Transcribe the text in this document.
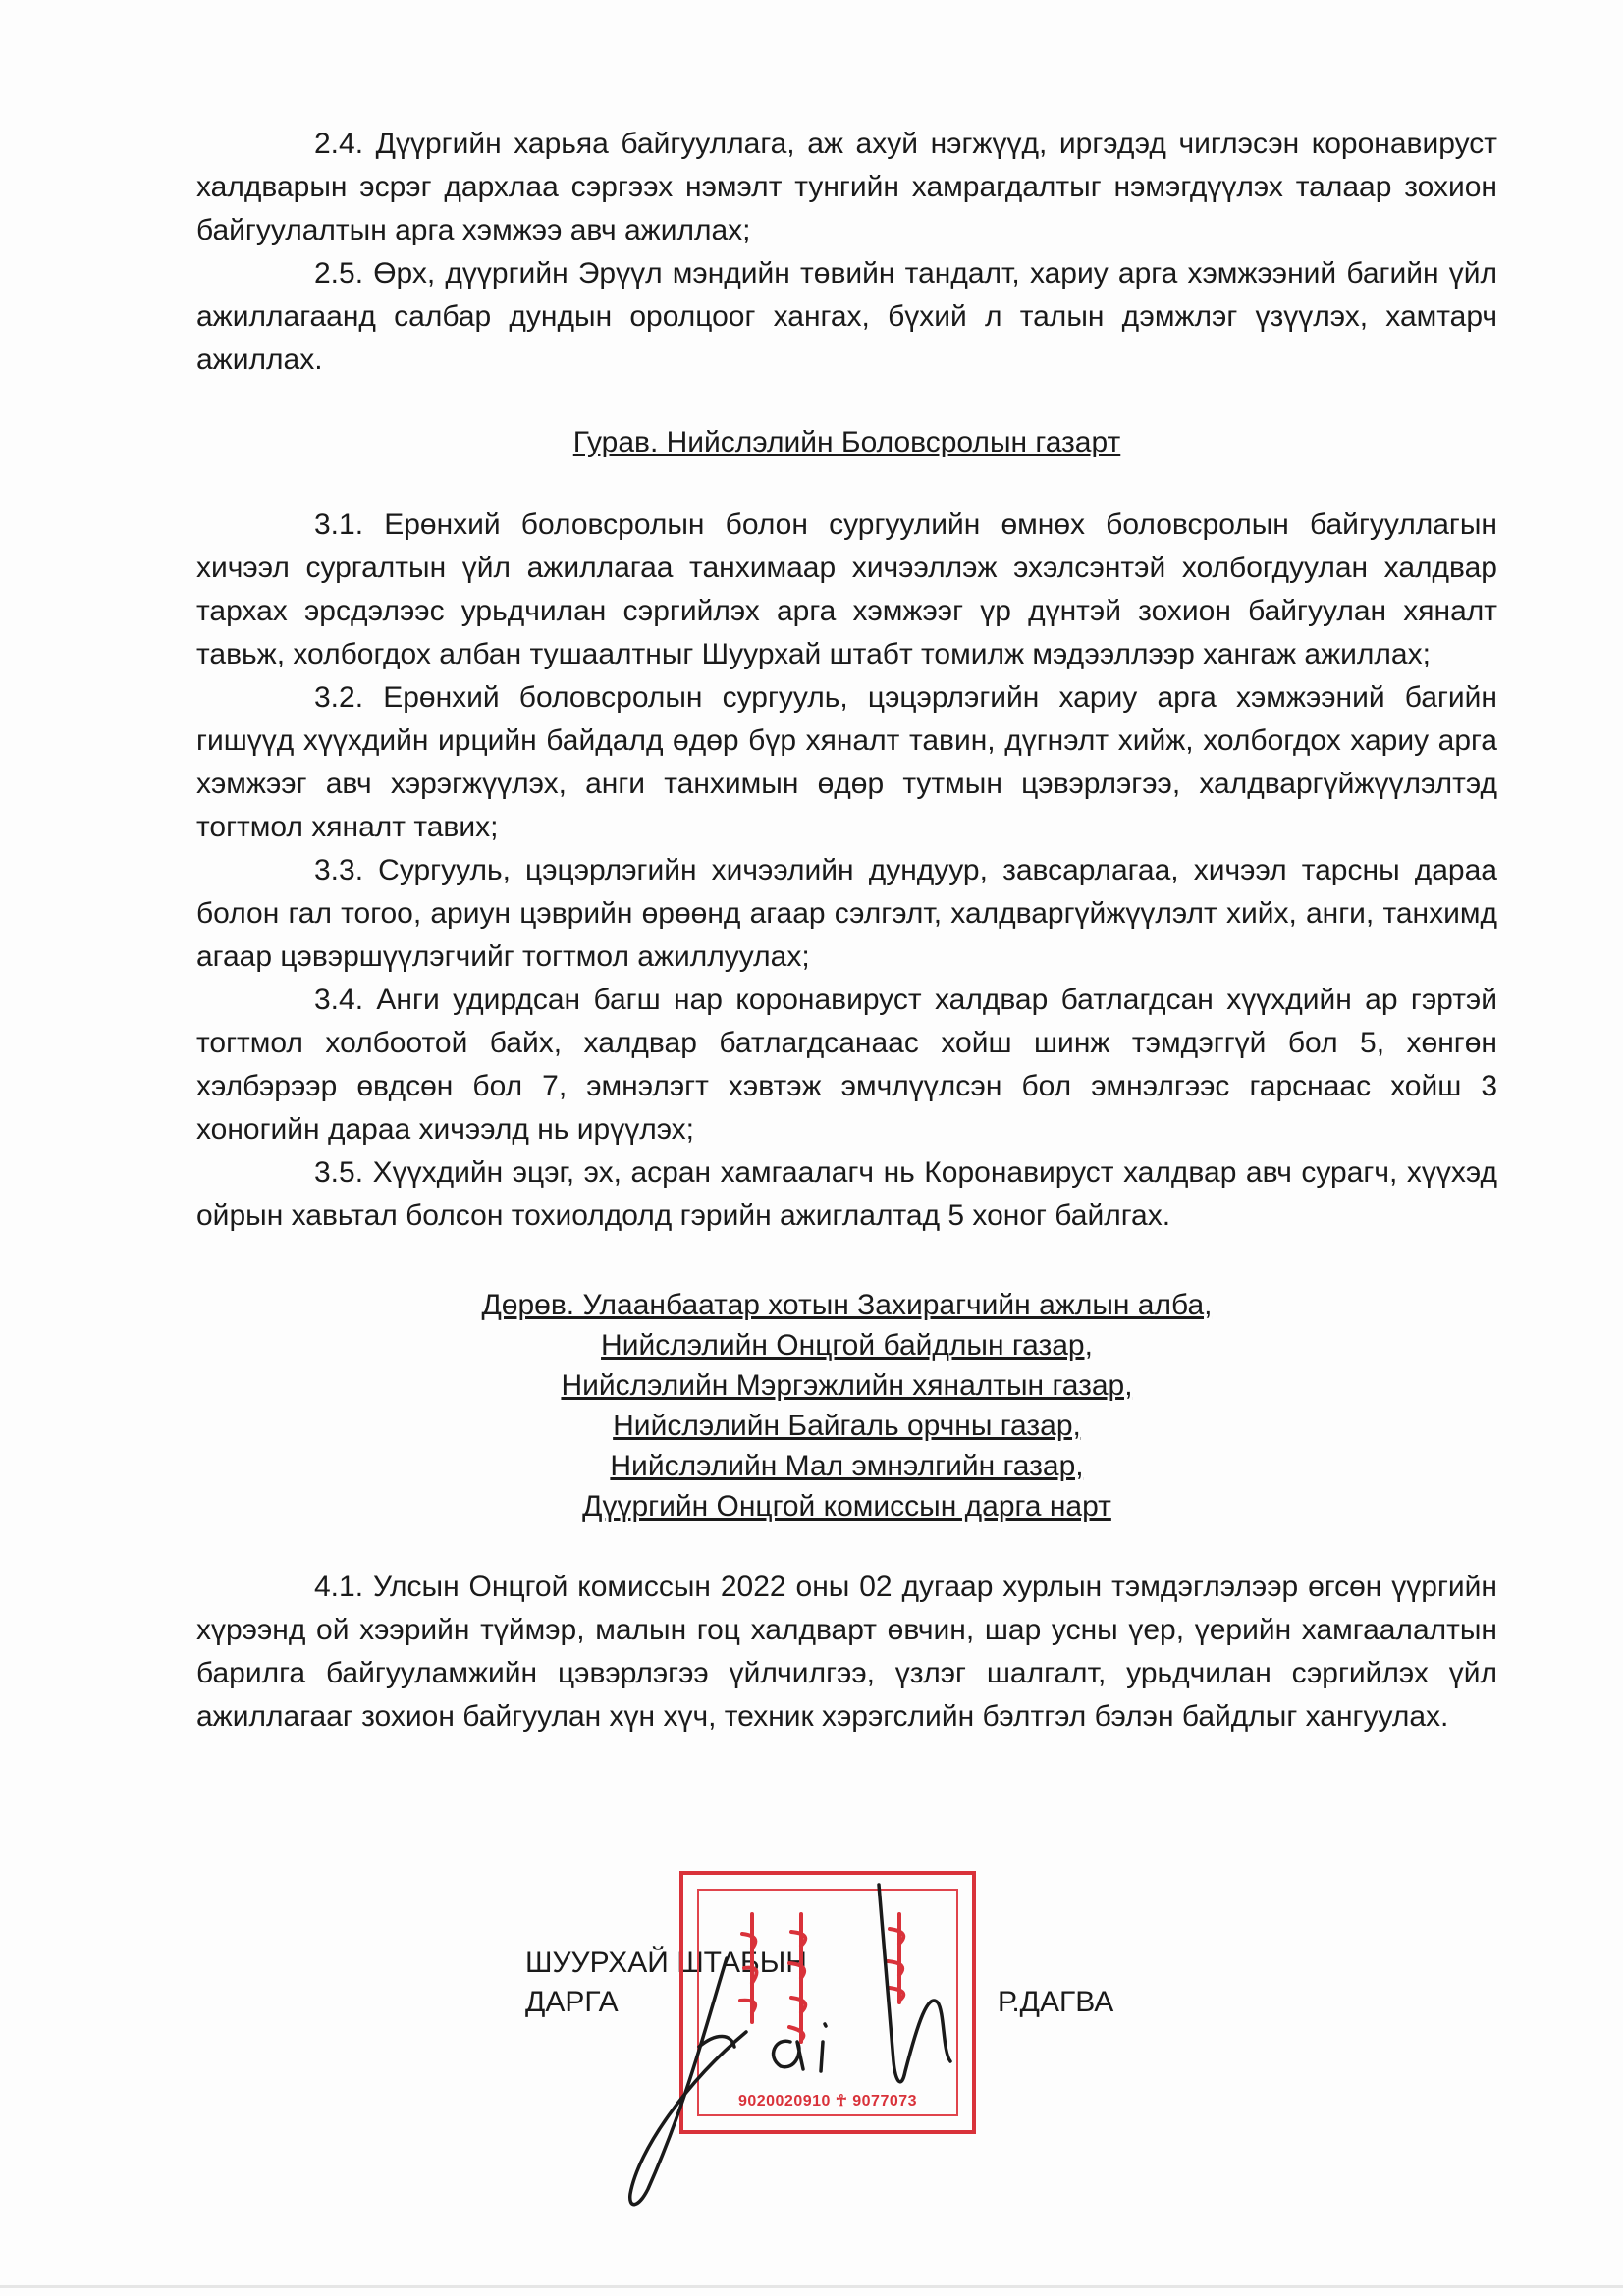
2.4. Дүүргийн харьяа байгууллага, аж ахуй нэгжүүд, иргэдэд чиглэсэн коронавируст халдварын эсрэг дархлаа сэргээх нэмэлт тунгийн хамрагдалтыг нэмэгдүүлэх талаар зохион байгуулалтын арга хэмжээ авч ажиллах;

2.5. Өрх, дүүргийн Эрүүл мэндийн төвийн тандалт, хариу арга хэмжээний багийн үйл ажиллагаанд салбар дундын оролцоог хангах, бүхий л талын дэмжлэг үзүүлэх, хамтарч ажиллах.

Гурав. Нийслэлийн Боловсролын газарт

3.1. Ерөнхий боловсролын болон сургуулийн өмнөх боловсролын байгууллагын хичээл сургалтын үйл ажиллагаа танхимаар хичээллэж эхэлсэнтэй холбогдуулан халдвар тархах эрсдэлээс урьдчилан сэргийлэх арга хэмжээг үр дүнтэй зохион байгуулан хяналт тавьж, холбогдох албан тушаалтныг Шуурхай штабт томилж мэдээллээр хангаж ажиллах;

3.2. Ерөнхий боловсролын сургууль, цэцэрлэгийн хариу арга хэмжээний багийн гишүүд хүүхдийн ирцийн байдалд өдөр бүр хяналт тавин, дүгнэлт хийж, холбогдох хариу арга хэмжээг авч хэрэгжүүлэх, анги танхимын өдөр тутмын цэвэрлэгээ, халдваргүйжүүлэлтэд тогтмол хяналт тавих;

3.3. Сургууль, цэцэрлэгийн хичээлийн дундуур, завсарлагаа, хичээл тарсны дараа болон гал тогоо, ариун цэврийн өрөөнд агаар сэлгэлт, халдваргүйжүүлэлт хийх, анги, танхимд агаар цэвэршүүлэгчийг тогтмол ажиллуулах;

3.4. Анги удирдсан багш нар коронавируст халдвар батлагдсан хүүхдийн ар гэртэй тогтмол холбоотой байх, халдвар батлагдсанаас хойш шинж тэмдэггүй бол 5, хөнгөн хэлбэрээр өвдсөн бол 7, эмнэлэгт хэвтэж эмчлүүлсэн бол эмнэлгээс гарснаас хойш 3 хоногийн дараа хичээлд нь ирүүлэх;

3.5. Хүүхдийн эцэг, эх, асран хамгаалагч нь Коронавируст халдвар авч сурагч, хүүхэд ойрын хавьтал болсон тохиолдолд гэрийн ажиглалтад 5 хоног байлгах.

Дөрөв. Улаанбаатар хотын Захирагчийн ажлын алба,
Нийслэлийн Онцгой байдлын газар,
Нийслэлийн Мэргэжлийн хяналтын газар,
Нийслэлийн Байгаль орчны газар,
Нийслэлийн Мал эмнэлгийн газар,
Дүүргийн Онцгой комиссын дарга нарт

4.1. Улсын Онцгой комиссын 2022 оны 02 дугаар хурлын тэмдэглэлээр өгсөн үүргийн хүрээнд ой хээрийн түймэр, малын гоц халдварт өвчин, шар усны үер, үерийн хамгаалалтын барилга байгууламжийн цэвэрлэгээ үйлчилгээ, үзлэг шалгалт, урьдчилан сэргийлэх үйл ажиллагааг зохион байгуулан хүн хүч, техник хэрэгслийн бэлтгэл бэлэн байдлыг хангуулах.

ШУУРХАЙ ШТАБЫН
ДАРГА	Р.ДАГВА
9020020910 ☥ 9077073
